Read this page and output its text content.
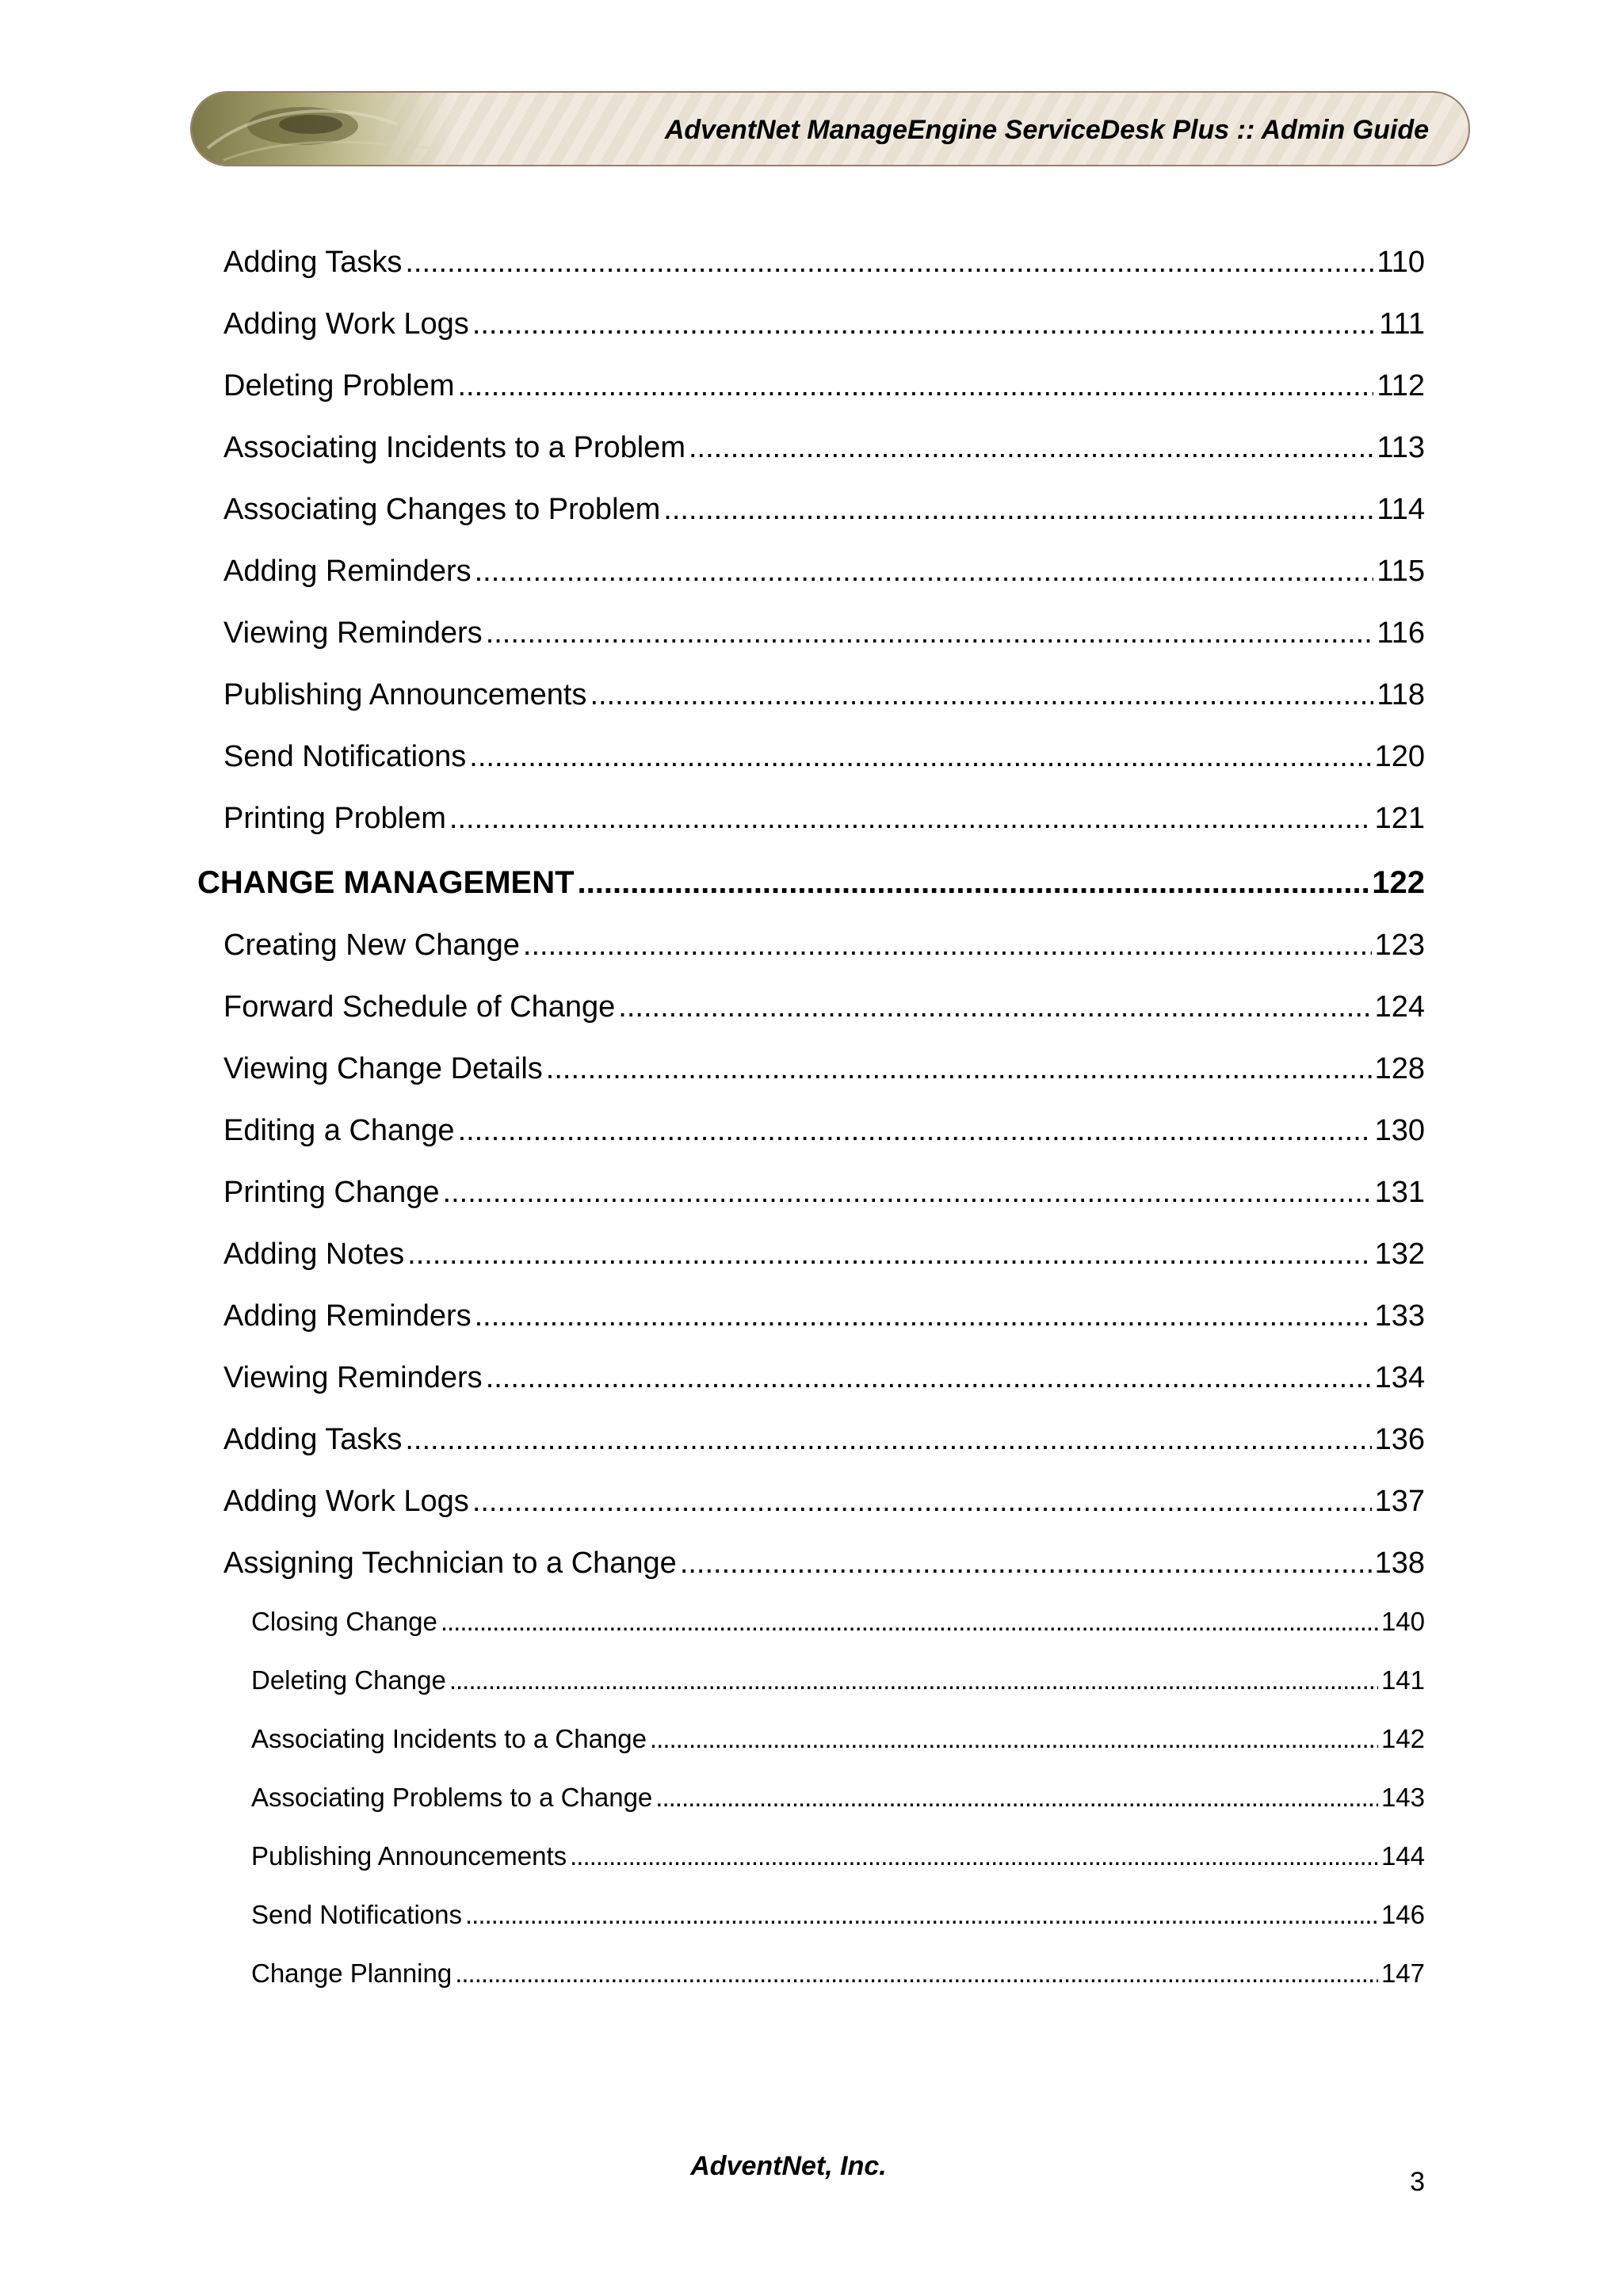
AdventNet ManageEngine ServiceDesk Plus :: Admin Guide
Adding Tasks .....	110
Adding Work Logs .....	111
Deleting Problem .....	112
Associating Incidents to a Problem .....	113
Associating Changes to Problem .....	114
Adding Reminders .....	115
Viewing Reminders .....	116
Publishing Announcements .....	118
Send Notifications .....	120
Printing Problem .....	121
CHANGE MANAGEMENT .....	122
Creating New Change .....	123
Forward Schedule of Change .....	124
Viewing Change Details .....	128
Editing a Change .....	130
Printing Change .....	131
Adding Notes .....	132
Adding Reminders .....	133
Viewing Reminders .....	134
Adding Tasks .....	136
Adding Work Logs .....	137
Assigning Technician to a Change .....	138
Closing Change .....	140
Deleting Change .....	141
Associating Incidents to a Change .....	142
Associating Problems to a Change .....	143
Publishing Announcements .....	144
Send Notifications .....	146
Change Planning .....	147
AdventNet, Inc.
3
